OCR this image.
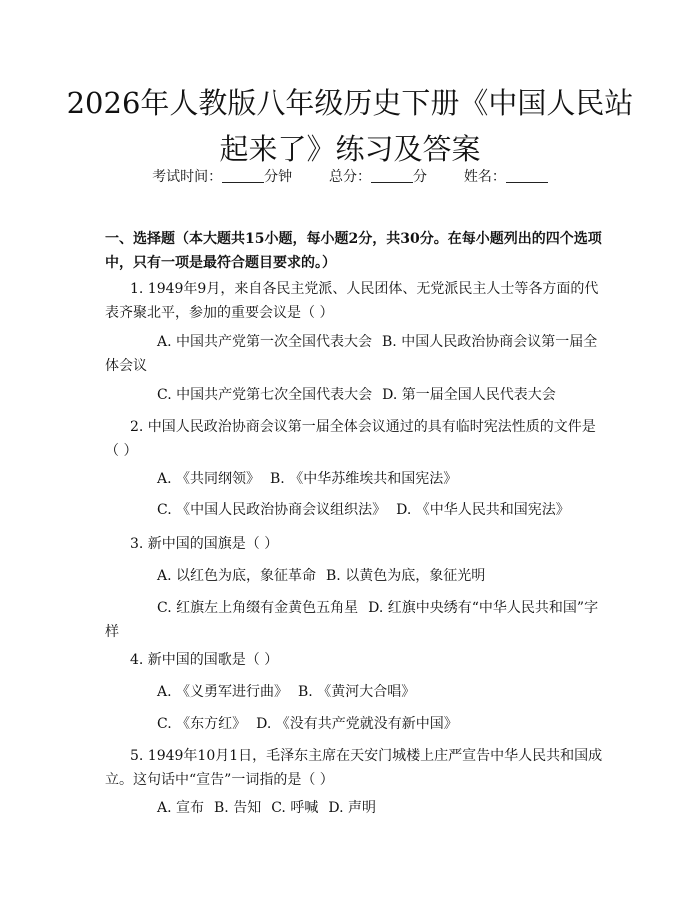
2026年人教版八年级历史下册《中国人民站起来了》练习及答案
考试时间：	分钟	总分：	分	姓名：
一、选择题（本大题共15小题，每小题2分，共30分。在每小题列出的四个选项中，只有一项是最符合题目要求的。）
1. 1949年9月，来自各民主党派、人民团体、无党派民主人士等各方面的代表齐聚北平，参加的重要会议是（ ）
A. 中国共产党第一次全国代表大会 B. 中国人民政治协商会议第一届全体会议
C. 中国共产党第七次全国代表大会 D. 第一届全国人民代表大会
2. 中国人民政治协商会议第一届全体会议通过的具有临时宪法性质的文件是（ ）
A. 《共同纲领》 B. 《中华苏维埃共和国宪法》
C. 《中国人民政治协商会议组织法》 D. 《中华人民共和国宪法》
3. 新中国的国旗是（ ）
A. 以红色为底，象征革命 B. 以黄色为底，象征光明
C. 红旗左上角缀有金黄色五角星 D. 红旗中央绣有“中华人民共和国”字样
4. 新中国的国歌是（ ）
A. 《义勇军进行曲》 B. 《黄河大合唱》
C. 《东方红》 D. 《没有共产党就没有新中国》
5. 1949年10月1日，毛泽东主席在天安门城楼上庄严宣告中华人民共和国成立。这句话中“宣告”一词指的是（ ）
A. 宣布 B. 告知 C. 呼喊 D. 声明
